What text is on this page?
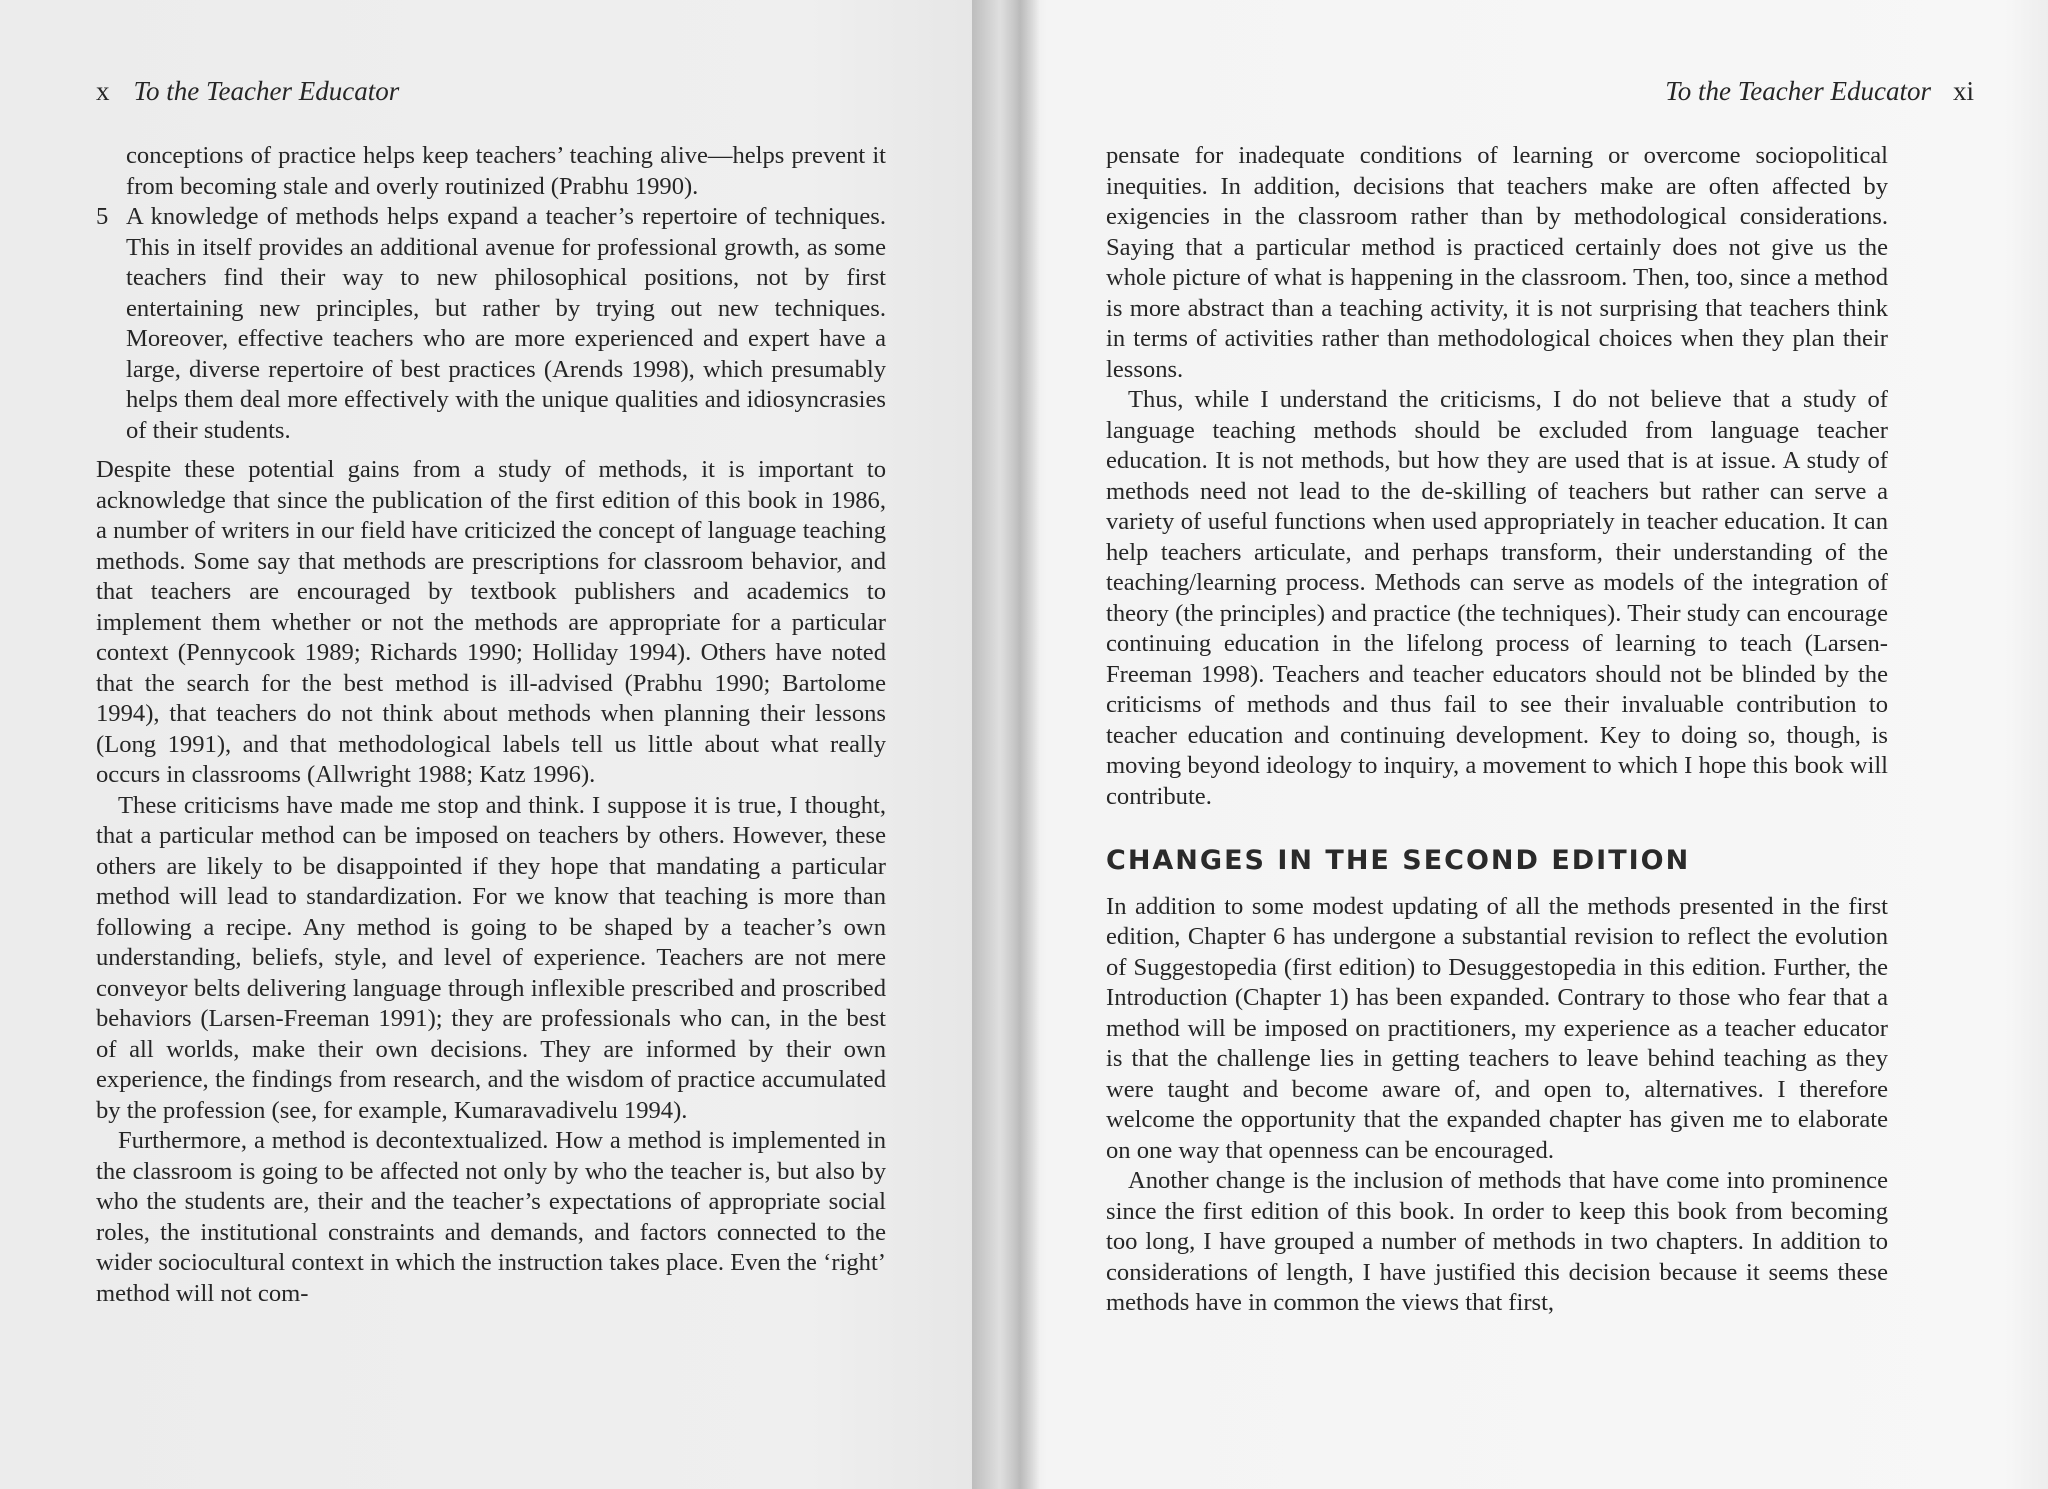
x To the Teacher Educator

conceptions of practice helps keep teachers’ teaching alive—helps prevent it from becoming stale and overly routinized (Prabhu 1990).

5 A knowledge of methods helps expand a teacher’s repertoire of techniques. This in itself provides an additional avenue for professional growth, as some teachers find their way to new philosophical positions, not by first entertaining new principles, but rather by trying out new techniques. Moreover, effective teachers who are more experienced and expert have a large, diverse repertoire of best practices (Arends 1998), which presumably helps them deal more effectively with the unique qualities and idiosyncrasies of their students.

Despite these potential gains from a study of methods, it is important to acknowledge that since the publication of the first edition of this book in 1986, a number of writers in our field have criticized the concept of language teaching methods. Some say that methods are prescriptions for classroom behavior, and that teachers are encouraged by textbook publishers and academics to implement them whether or not the methods are appropriate for a particular context (Pennycook 1989; Richards 1990; Holliday 1994). Others have noted that the search for the best method is ill-advised (Prabhu 1990; Bartolome 1994), that teachers do not think about methods when planning their lessons (Long 1991), and that methodological labels tell us little about what really occurs in classrooms (Allwright 1988; Katz 1996).

These criticisms have made me stop and think. I suppose it is true, I thought, that a particular method can be imposed on teachers by others. However, these others are likely to be disappointed if they hope that mandating a particular method will lead to standardization. For we know that teaching is more than following a recipe. Any method is going to be shaped by a teacher’s own understanding, beliefs, style, and level of experience. Teachers are not mere conveyor belts delivering language through inflexible prescribed and proscribed behaviors (Larsen-Freeman 1991); they are professionals who can, in the best of all worlds, make their own decisions. They are informed by their own experience, the findings from research, and the wisdom of practice accumulated by the profession (see, for example, Kumaravadivelu 1994).

Furthermore, a method is decontextualized. How a method is implemented in the classroom is going to be affected not only by who the teacher is, but also by who the students are, their and the teacher’s expectations of appropriate social roles, the institutional constraints and demands, and factors connected to the wider sociocultural context in which the instruction takes place. Even the ‘right’ method will not com-

To the Teacher Educator xi

pensate for inadequate conditions of learning or overcome sociopolitical inequities. In addition, decisions that teachers make are often affected by exigencies in the classroom rather than by methodological considerations. Saying that a particular method is practiced certainly does not give us the whole picture of what is happening in the classroom. Then, too, since a method is more abstract than a teaching activity, it is not surprising that teachers think in terms of activities rather than methodological choices when they plan their lessons.

Thus, while I understand the criticisms, I do not believe that a study of language teaching methods should be excluded from language teacher education. It is not methods, but how they are used that is at issue. A study of methods need not lead to the de-skilling of teachers but rather can serve a variety of useful functions when used appropriately in teacher education. It can help teachers articulate, and perhaps transform, their understanding of the teaching/learning process. Methods can serve as models of the integration of theory (the principles) and practice (the techniques). Their study can encourage continuing education in the lifelong process of learning to teach (Larsen-Freeman 1998). Teachers and teacher educators should not be blinded by the criticisms of methods and thus fail to see their invaluable contribution to teacher education and continuing development. Key to doing so, though, is moving beyond ideology to inquiry, a movement to which I hope this book will contribute.

CHANGES IN THE SECOND EDITION

In addition to some modest updating of all the methods presented in the first edition, Chapter 6 has undergone a substantial revision to reflect the evolution of Suggestopedia (first edition) to Desuggestopedia in this edition. Further, the Introduction (Chapter 1) has been expanded. Contrary to those who fear that a method will be imposed on practitioners, my experience as a teacher educator is that the challenge lies in getting teachers to leave behind teaching as they were taught and become aware of, and open to, alternatives. I therefore welcome the opportunity that the expanded chapter has given me to elaborate on one way that openness can be encouraged.

Another change is the inclusion of methods that have come into prominence since the first edition of this book. In order to keep this book from becoming too long, I have grouped a number of methods in two chapters. In addition to considerations of length, I have justified this decision because it seems these methods have in common the views that first,
